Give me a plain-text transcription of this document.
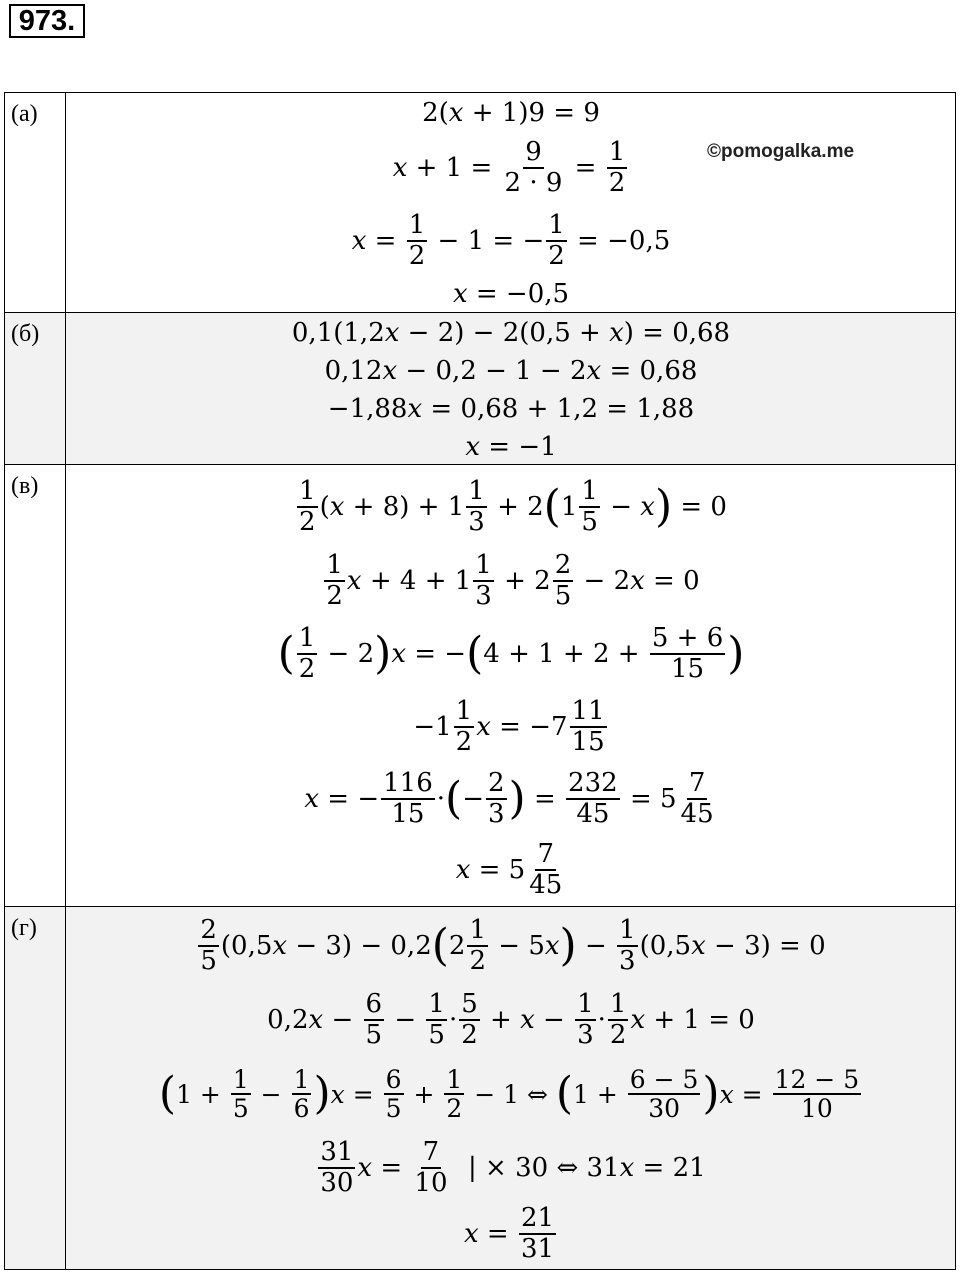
973.
(а)	2( x + 1)9 = 9
$x + 1 = \frac{9}{2 \cdot 9} = \frac{1}{2}$
$x = \frac{1}{2} - 1$ = − $\frac{1}{2} = -0,5$
x = −0,5
©pomogalka.me
(б)	0,1(1,2 x − 2) − 2(0,5 + x ) = 0,68
0,12 x − 0,2 − 1 − 2 x = 0,68
−1,88 x = 0,68 + 1,2 = 1,88
x = −1
(в)	$\frac{1}{2}$ ( $x + 8) + 1 \frac{1}{3} + 2$ ( $1 \frac{1}{5} - x$ ) = 0
$\frac{1}{2}$ $x + 4 + 1 \frac{1}{3} + 2 \frac{2}{5} - 2$ x = 0
( $\frac{1}{2} - 2$ ) x = − ( $4 + 1 + 2 + \frac{5 + 6}{15}$ )
$-1 \frac{1}{2}$ $x = -7 \frac{11}{15}$
x = − $\frac{116}{15}$ · ( − $\frac{2}{3}$ ) = $\frac{232}{45} = 5 \frac{7}{45}$
$x = 5 \frac{7}{45}$
(г)	$\frac{2}{5} (0,5$ x − 3) − 0,2 ( $2 \frac{1}{2} - 5$ x ) − $\frac{1}{3} (0,5$ x − 3) = 0
0,2 $x - \frac{6}{5} - \frac{1}{5} \cdot \frac{5}{2} + x - \frac{1}{3} \cdot \frac{1}{2}$ x + 1 = 0
( $1 + \frac{1}{5} - \frac{1}{6}$ ) $x = \frac{6}{5} + \frac{1}{2} - 1$ ⇔ ( $1 + \frac{6 - 5}{30}$ ) $x = \frac{12 - 5}{10}$
$\frac{31}{30}$ $x = \frac{7}{10}$ | × 30 ⇔ 31 x = 21
$x = \frac{21}{31}$
